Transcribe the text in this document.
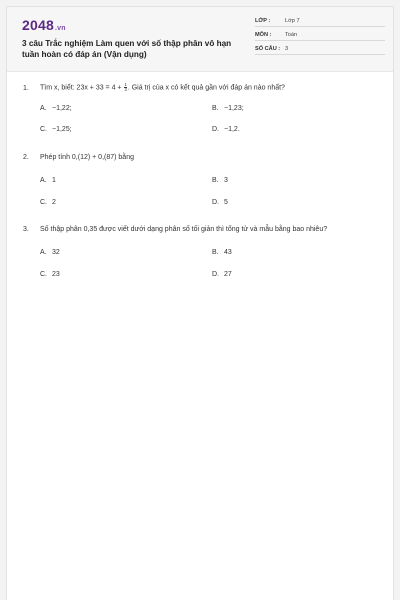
2048.vn
3 câu Trắc nghiệm Làm quen với số thập phân vô hạn tuần hoàn có đáp án (Vận dụng)
LỚP :	Lớp 7
MÔN : Toán
SỐ CÂU : 3
1. Tìm x, biết: $23x + 33 = 4 + \frac{1}{3}$ . Giá trị của x có kết quả gần với đáp án nào nhất?
A. −1,22;	B. −1,23;
C. −1,25;	D. −1,2.
2. Phép tính 0,(12) + 0,(87) bằng
A. 1	B. 3
C. 2	D. 5
3. Số thập phân 0,35 được viết dưới dạng phân số tối giản thì tổng tử và mẫu bằng bao nhiêu?
A. 32	B. 43
C. 23	D. 27
